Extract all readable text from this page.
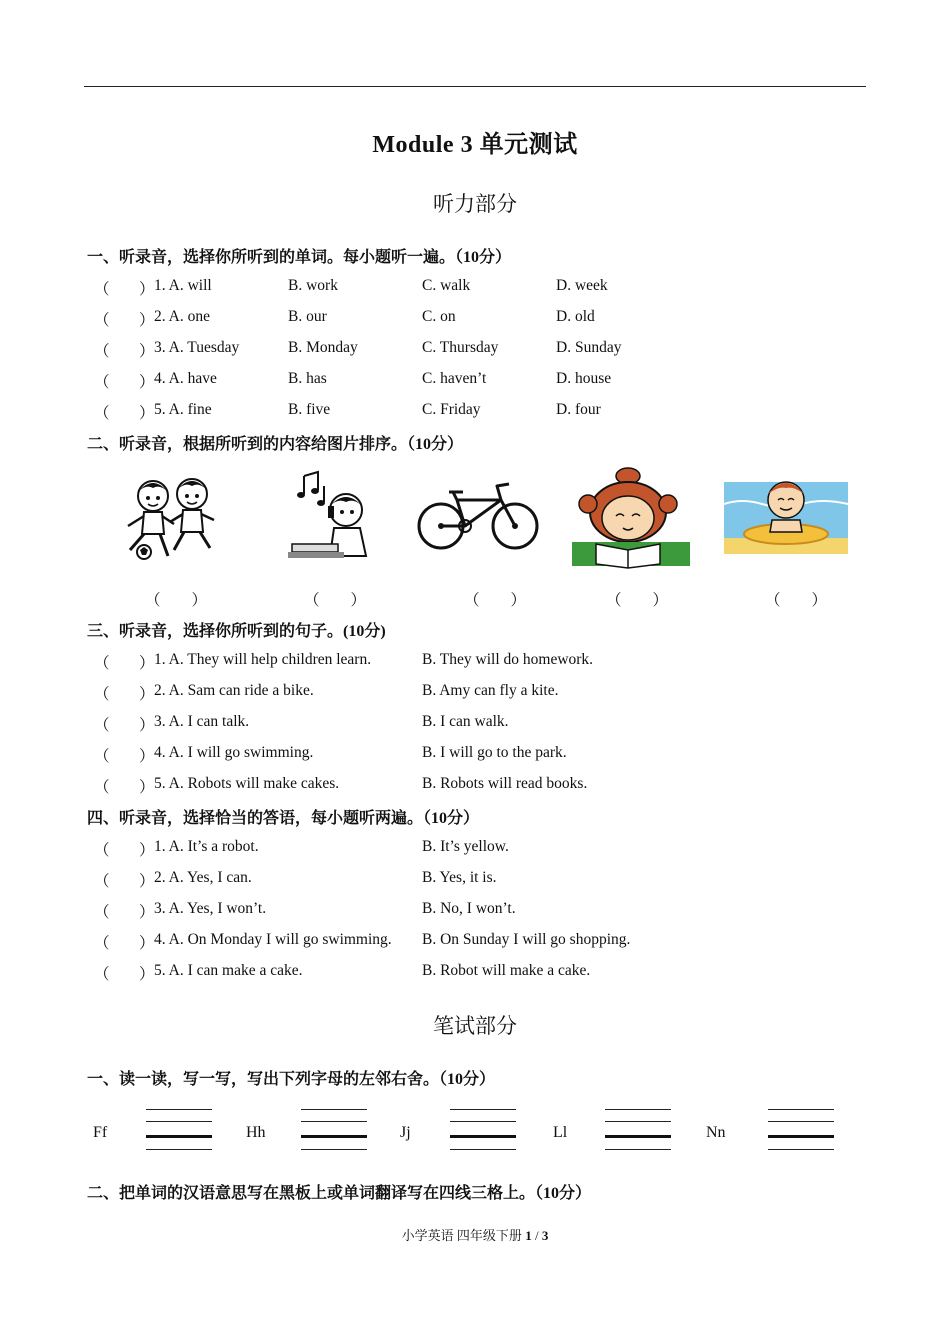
Module 3 单元测试
听力部分
一、听录音，选择你所听到的单词。每小题听一遍。（10分）
（ ） 1. A. will	B. work	C. walk	D. week
（ ） 2. A. one	B. our	C. on	D. old
（ ） 3. A. Tuesday	B. Monday	C. Thursday	D. Sunday
（ ） 4. A. have	B. has	C. haven’t	D. house
（ ） 5. A. fine	B. five	C. Friday	D. four
二、听录音，根据所听到的内容给图片排序。（10分）
（　　）	（　　）	（　　）	（　　）	（　　）
三、听录音，选择你所听到的句子。(10分)
（ ） 1. A. They will help children learn.	B. They will do homework.
（ ） 2. A. Sam can ride a bike.	B. Amy can fly a kite.
（ ） 3. A. I can talk.	B. I can walk.
（ ） 4. A. I will go swimming.	B. I will go to the park.
（ ） 5. A. Robots will make cakes.	B. Robots will read books.
四、听录音，选择恰当的答语，每小题听两遍。（10分）
（ ） 1. A. It’s a robot.	B. It’s yellow.
（ ） 2. A. Yes, I can.	B. Yes, it is.
（ ） 3. A. Yes, I won’t.	B. No, I won’t.
（ ） 4. A. On Monday I will go swimming. B. On Sunday I will go shopping.
（ ） 5. A. I can make a cake.	B. Robot will make a cake.
笔试部分
一、读一读，写一写，写出下列字母的左邻右舍。（10分）
Ff	Hh	Jj	Ll	Nn
二、把单词的汉语意思写在黑板上或单词翻译写在四线三格上。（10分）
小学英语 四年级下册 1 / 3
